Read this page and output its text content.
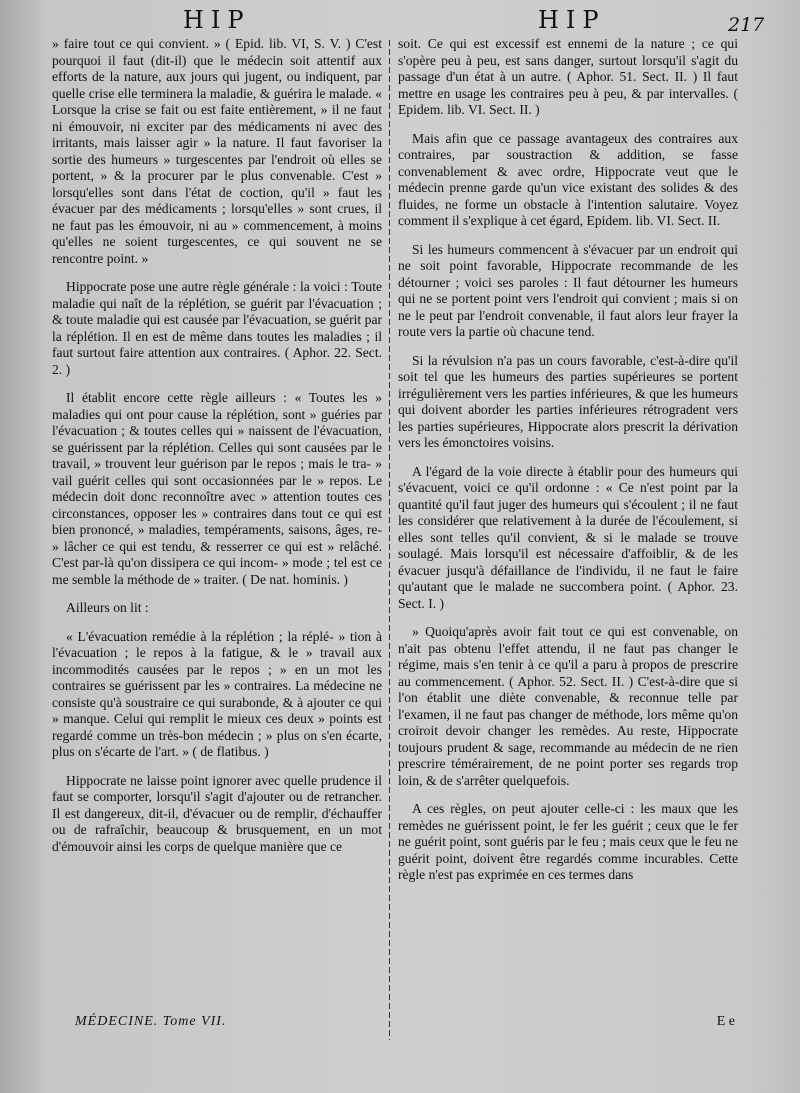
HIP	HIP	217

» faire tout ce qui convient. » ( Epid. lib. VI, S. V. ) C'est pourquoi il faut (dit-il) que le médecin soit attentif aux efforts de la nature, aux jours qui jugent, ou indiquent, par quelle crise elle terminera la maladie, & guérira le malade. « Lorsque la crise se fait ou est faite entièrement, » il ne faut ni émouvoir, ni exciter par des médicaments ni avec des irritants, mais laisser agir » la nature. Il faut favoriser la sortie des humeurs » turgescentes par l'endroit où elles se portent, » & la procurer par le plus convenable. C'est » lorsqu'elles sont dans l'état de coction, qu'il » faut les évacuer par des médicaments ; lorsqu'elles » sont crues, il ne faut pas les émouvoir, ni au » commencement, à moins qu'elles ne soient turgescentes, ce qui souvent ne se rencontre point. »

Hippocrate pose une autre règle générale : la voici : Toute maladie qui naît de la réplétion, se guérit par l'évacuation ; & toute maladie qui est causée par l'évacuation, se guérit par la réplétion. Il en est de même dans toutes les maladies ; il faut surtout faire attention aux contraires. ( Aphor. 22. Sect. 2. )

Il établit encore cette règle ailleurs : « Toutes les » maladies qui ont pour cause la réplétion, sont » guéries par l'évacuation ; & toutes celles qui » naissent de l'évacuation, se guérissent par la réplétion. Celles qui sont causées par le travail, » trouvent leur guérison par le repos ; mais le tra- » vail guérit celles qui sont occasionnées par le » repos. Le médecin doit donc reconnoître avec » attention toutes ces circonstances, opposer les » contraires dans tout ce qui est bien prononcé, » maladies, tempéraments, saisons, âges, re- » lâcher ce qui est tendu, & resserrer ce qui est » relâché. C'est par-là qu'on dissipera ce qui incom- » mode ; tel est ce me semble la méthode de » traiter. ( De nat. hominis. )

Ailleurs on lit :

« L'évacuation remédie à la réplétion ; la réplé- » tion à l'évacuation ; le repos à la fatigue, & le » travail aux incommodités causées par le repos ; » en un mot les contraires se guérissent par les » contraires. La médecine ne consiste qu'à soustraire ce qui surabonde, & à ajouter ce qui » manque. Celui qui remplit le mieux ces deux » points est regardé comme un très-bon médecin ; » plus on s'en écarte, plus on s'écarte de l'art. » ( de flatibus. )

Hippocrate ne laisse point ignorer avec quelle prudence il faut se comporter, lorsqu'il s'agit d'ajouter ou de retrancher. Il est dangereux, dit-il, d'évacuer ou de remplir, d'échauffer ou de rafraîchir, beaucoup & brusquement, en un mot d'émouvoir ainsi les corps de quelque manière que ce

soit. Ce qui est excessif est ennemi de la nature ; ce qui s'opère peu à peu, est sans danger, surtout lorsqu'il s'agit du passage d'un état à un autre. ( Aphor. 51. Sect. II. ) Il faut mettre en usage les contraires peu à peu, & par intervalles. ( Epidem. lib. VI. Sect. II. )

Mais afin que ce passage avantageux des contraires aux contraires, par soustraction & addition, se fasse convenablement & avec ordre, Hippocrate veut que le médecin prenne garde qu'un vice existant des solides & des fluides, ne forme un obstacle à l'intention salutaire. Voyez comment il s'explique à cet égard, Epidem. lib. VI. Sect. II.

Si les humeurs commencent à s'évacuer par un endroit qui ne soit point favorable, Hippocrate recommande de les détourner ; voici ses paroles : Il faut détourner les humeurs qui ne se portent point vers l'endroit qui convient ; mais si on ne le peut par l'endroit convenable, il faut alors leur frayer la route vers la partie où chacune tend.

Si la révulsion n'a pas un cours favorable, c'est-à-dire qu'il soit tel que les humeurs des parties supérieures se portent irrégulièrement vers les parties inférieures, & que les humeurs qui doivent aborder les parties inférieures rétrogradent vers les parties supérieures, Hippocrate alors prescrit la dérivation vers les émonctoires voisins.

A l'égard de la voie directe à établir pour des humeurs qui s'évacuent, voici ce qu'il ordonne : « Ce n'est point par la quantité qu'il faut juger des humeurs qui s'écoulent ; il ne faut les considérer que relativement à la durée de l'écoulement, si elles sont telles qu'il convient, & si le malade se trouve soulagé. Mais lorsqu'il est nécessaire d'affoiblir, & de les évacuer jusqu'à défaillance de l'individu, il ne faut le faire qu'autant que le malade ne succombera point. ( Aphor. 23. Sect. I. )

» Quoiqu'après avoir fait tout ce qui est convenable, on n'ait pas obtenu l'effet attendu, il ne faut pas changer le régime, mais s'en tenir à ce qu'il a paru à propos de prescrire au commencement. ( Aphor. 52. Sect. II. ) C'est-à-dire que si l'on établit une diète convenable, & reconnue telle par l'examen, il ne faut pas changer de méthode, lors même qu'on croiroit devoir changer les remèdes. Au reste, Hippocrate toujours prudent & sage, recommande au médecin de ne rien prescrire témérairement, de ne point porter ses regards trop loin, & de s'arrêter quelquefois.

A ces règles, on peut ajouter celle-ci : les maux que les remèdes ne guérissent point, le fer les guérit ; ceux que le fer ne guérit point, sont guéris par le feu ; mais ceux que le feu ne guérit point, doivent être regardés comme incurables. Cette règle n'est pas exprimée en ces termes dans

MÉDECINE. Tome VII.	E e
